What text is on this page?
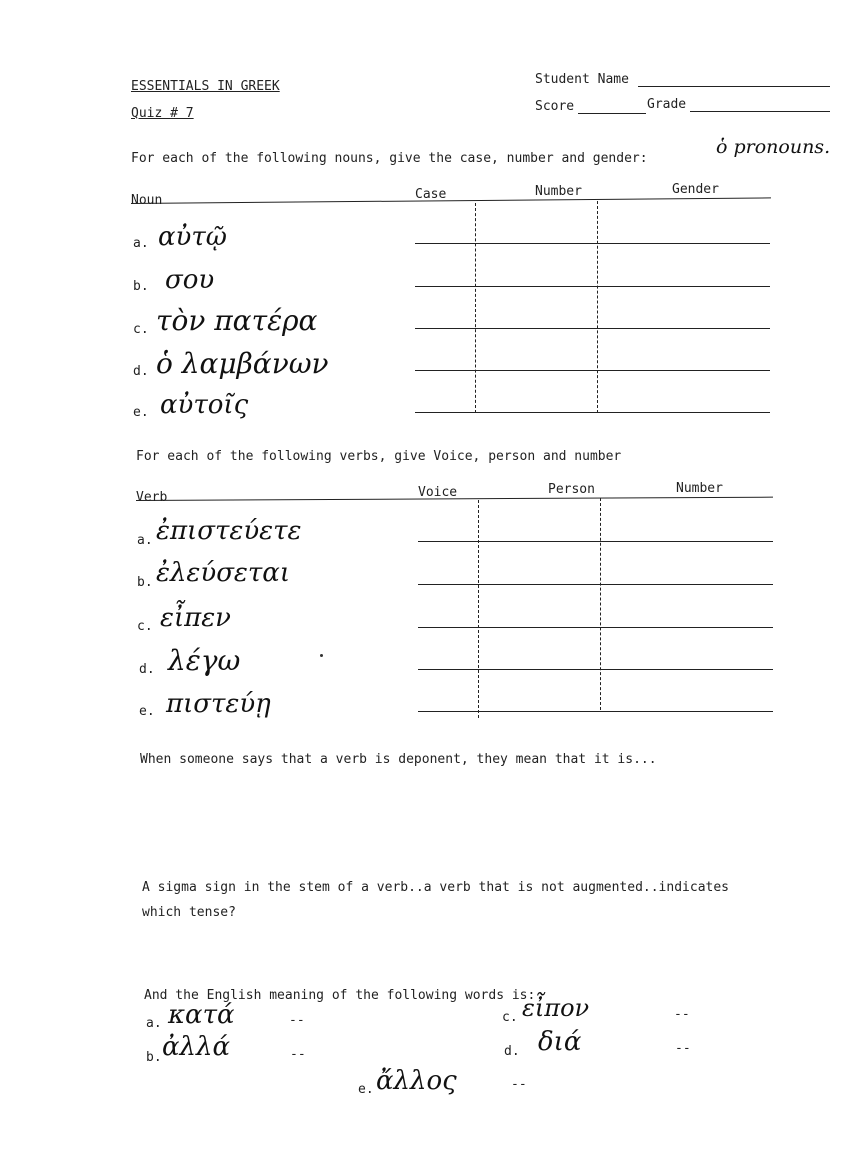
ESSENTIALS IN GREEK
Quiz # 7
Student Name
Score	Grade
For each of the following nouns, give the case, number and gender:
ὁ pronouns.
Noun	Case	Number	Gender
a. αὐτῷ
b. σου
c. τὸν πατέρα
d. ὁ λαμβάνων
e. αὐτοῖς
For each of the following verbs, give Voice, person and number
Verb	Voice	Person	Number
a. ἐπιστεύετε
b. ἐλεύσεται
c. εἶπεν
d. λέγω
e. πιστεύῃ
When someone says that a verb is deponent, they mean that it is...
A sigma sign in the stem of a verb..a verb that is not augmented..indicates
which tense?
And the English meaning of the following words is:
a. κατά	--
b. ἀλλά	--
c. εἶπον	--
d. διά	--
e. ἄλλος	--
